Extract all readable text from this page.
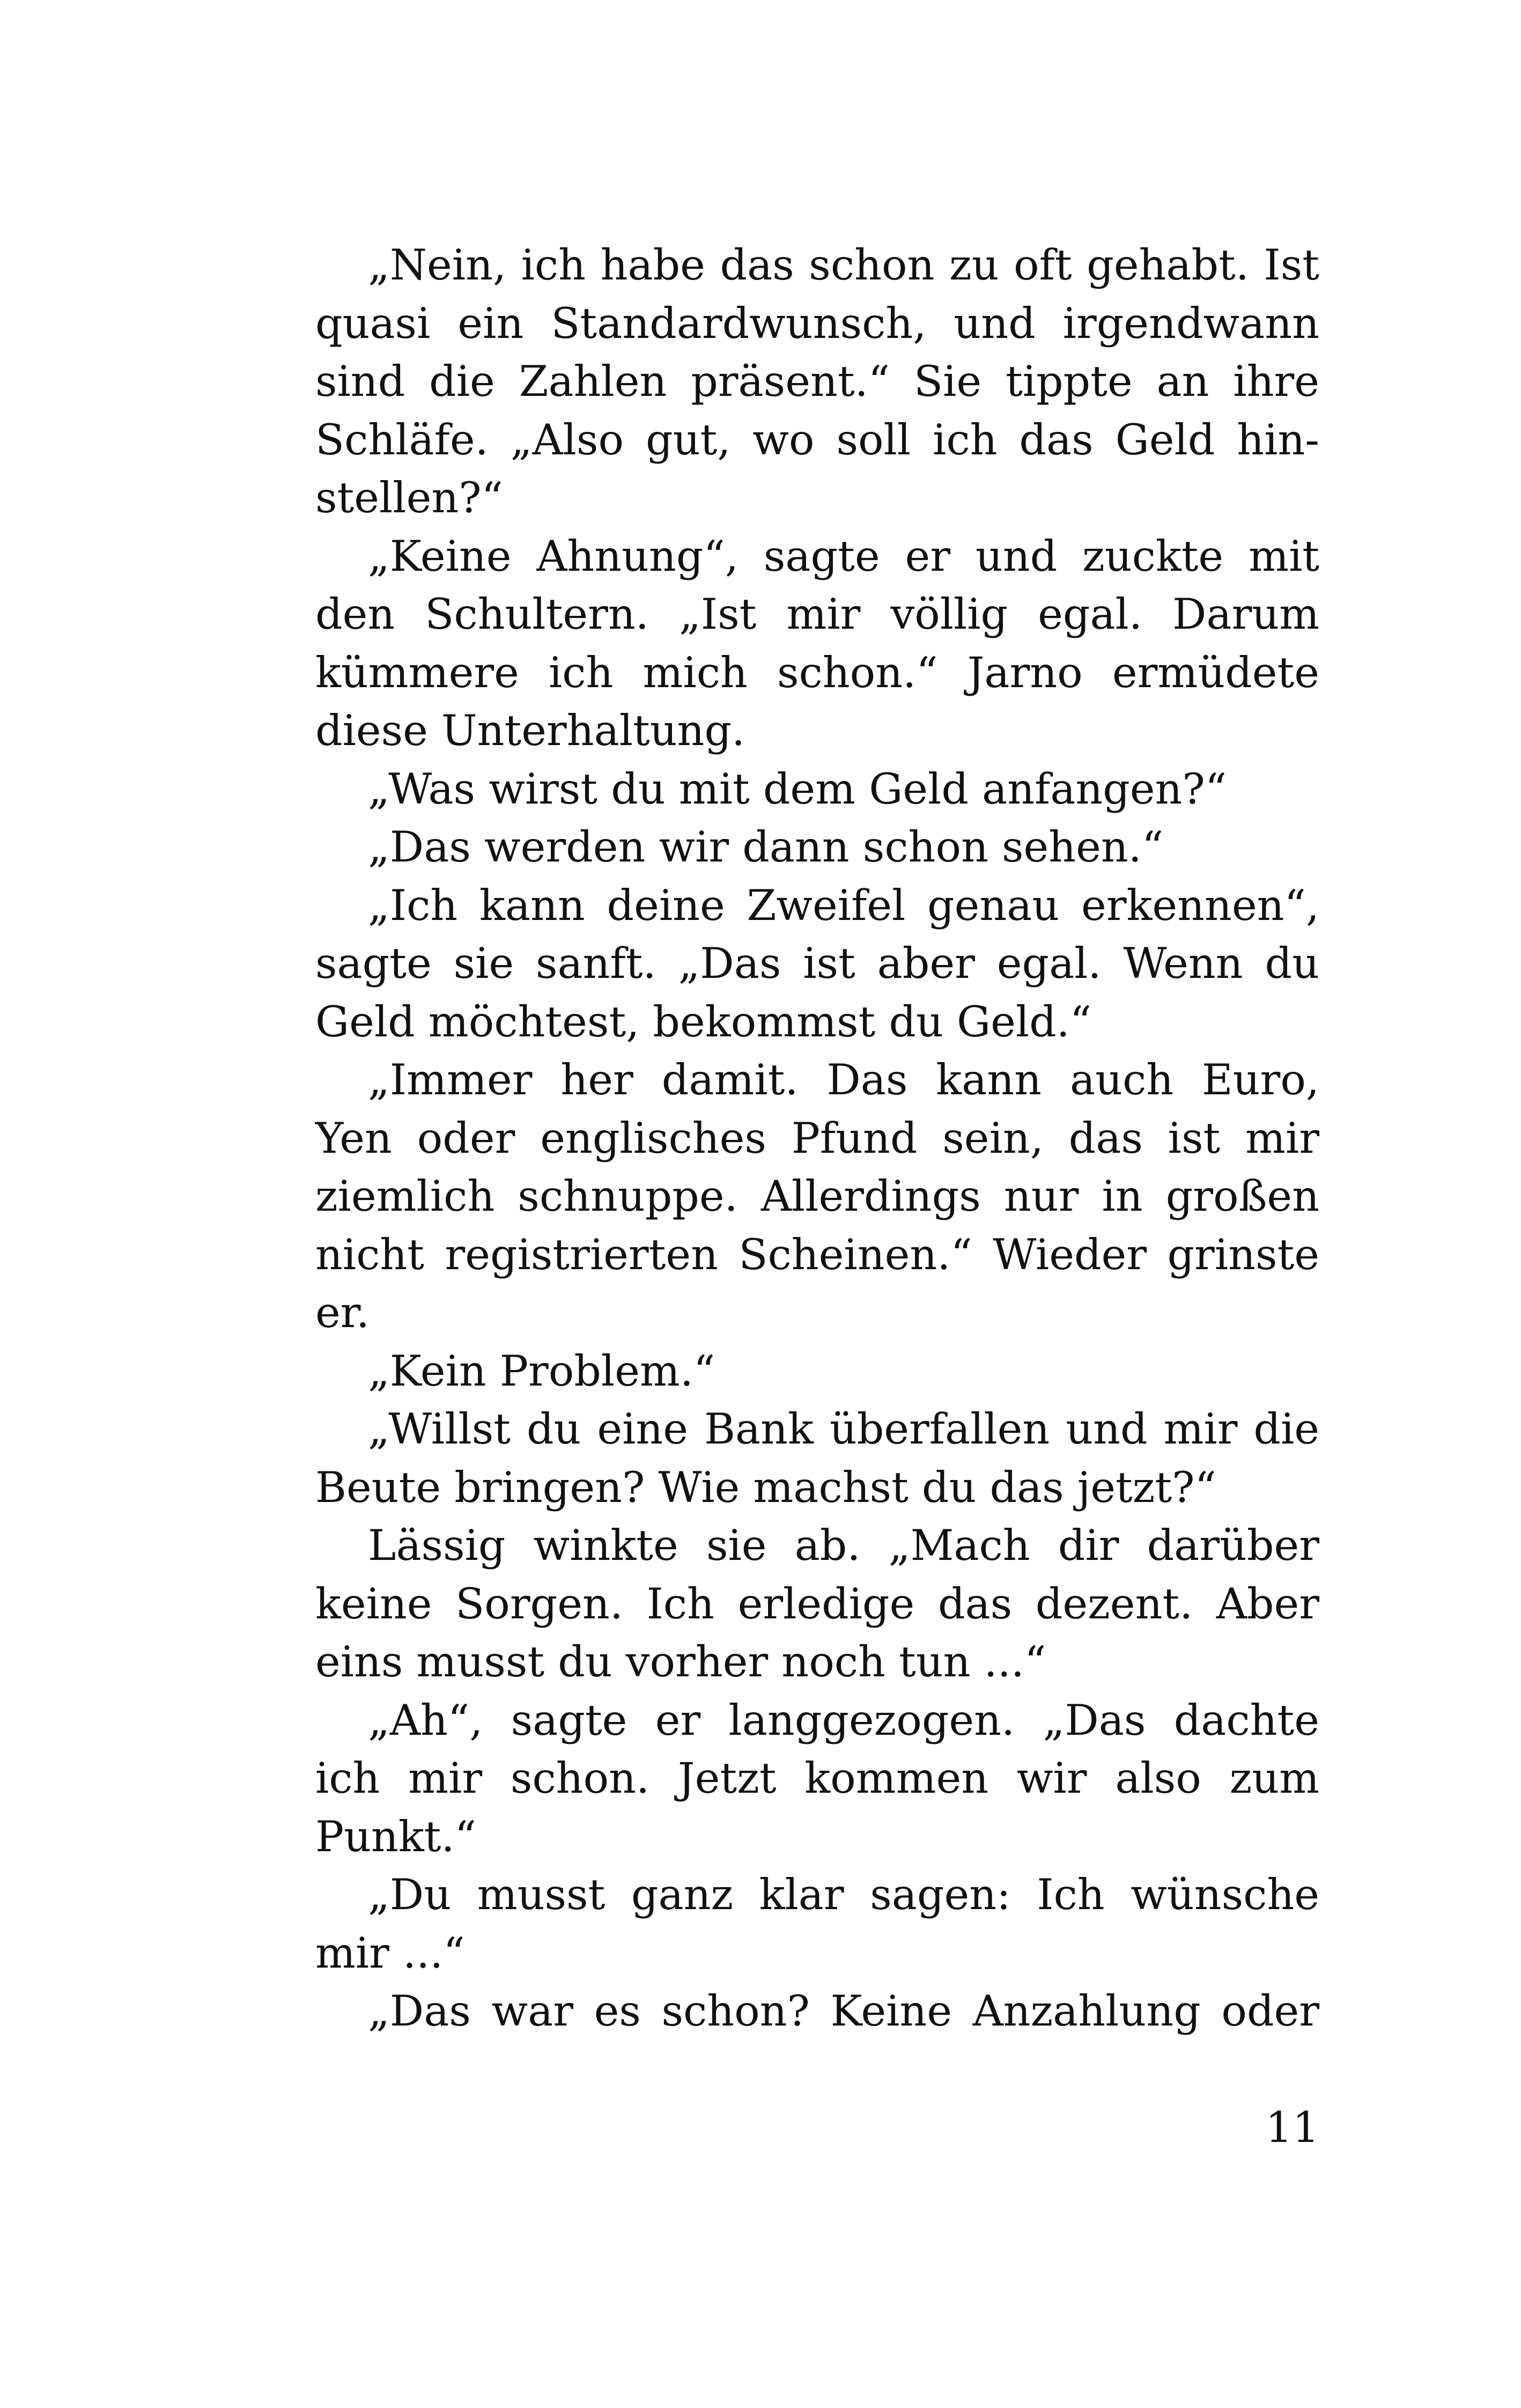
„Nein, ich habe das schon zu oft gehabt. Ist
quasi ein Standardwunsch, und irgendwann
sind die Zahlen präsent.“ Sie tippte an ihre
Schläfe. „Also gut, wo soll ich das Geld hin-
stellen?“
„Keine Ahnung“, sagte er und zuckte mit
den Schultern. „Ist mir völlig egal. Darum
kümmere ich mich schon.“ Jarno ermüdete
diese Unterhaltung.
„Was wirst du mit dem Geld anfangen?“
„Das werden wir dann schon sehen.“
„Ich kann deine Zweifel genau erkennen“,
sagte sie sanft. „Das ist aber egal. Wenn du
Geld möchtest, bekommst du Geld.“
„Immer her damit. Das kann auch Euro,
Yen oder englisches Pfund sein, das ist mir
ziemlich schnuppe. Allerdings nur in großen
nicht registrierten Scheinen.“ Wieder grinste
er.
„Kein Problem.“
„Willst du eine Bank überfallen und mir die
Beute bringen? Wie machst du das jetzt?“
Lässig winkte sie ab. „Mach dir darüber
keine Sorgen. Ich erledige das dezent. Aber
eins musst du vorher noch tun ...“
„Ah“, sagte er langgezogen. „Das dachte
ich mir schon. Jetzt kommen wir also zum
Punkt.“
„Du musst ganz klar sagen: Ich wünsche
mir ...“
„Das war es schon? Keine Anzahlung oder
11
